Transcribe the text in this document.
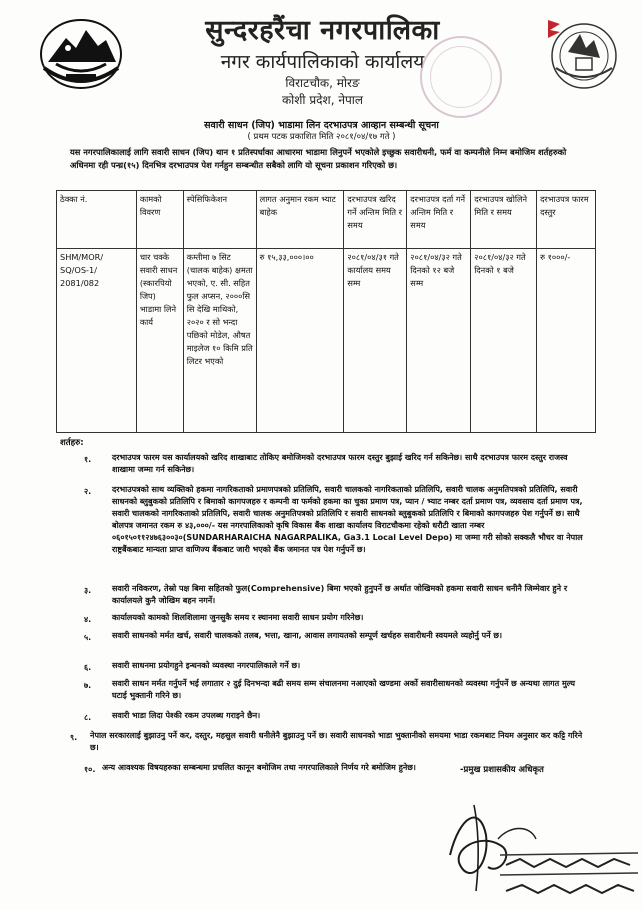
सुन्दरहरैंचा नगरपालिका
नगर कार्यपालिकाको कार्यालय
विराटचौक, मोरङ
कोशी प्रदेश, नेपाल
सवारी साधन (जिप) भाडामा लिन दरभाउपत्र आव्हान सम्बन्धी सूचना
( प्रथम पटक प्रकाशित मिति २०८१/०४/१७ गते )
यस नगरपालिकालाई लागि सवारी साधन (जिप) थान १ प्रतिस्पर्धाका आधारमा भाडामा लिनुपर्ने भएकोले इच्छुक सवारीधनी, फर्म वा कम्पनीले निम्न बमोजिम शर्तहरुको अधिनमा रही पन्ध्र(१५) दिनभित्र दरभाउपत्र पेश गर्नहुन सम्बन्धीत सबैको लागि यो सूचना प्रकाशन गरिएको छ।
ठेक्का नं.	कामको विवरण	स्पेसिफिकेशन	लागत अनुमान रकम भ्याट बाहेक	दरभाउपत्र खरिद गर्ने अन्तिम मिति र समय	दरभाउपत्र दर्ता गर्ने अन्तिम मिति र समय	दरभाउपत्र खोलिने मिति र समय	दरभाउपत्र फारम दस्तुर
SHM/MOR/ SQ/OS-1/ 2081/082	चार चक्के सवारी साधन (स्कारपियो जिप) भाडामा लिने कार्य	कम्तीमा ७ सिट (चालक बाहेक) क्षमता भएको, ए. सी. सहित फुल अप्सन, २०००सि सि देखि माथिको, २०२० र सो भन्दा पछिको मोडेल, औषत माइलेज १० किमि प्रति लिटर भएको	रु १५,३३,०००।००	२०८१/०४/३१ गते कार्यालय समय सम्म	२०८१/०४/३२ गते दिनको १२ बजे सम्म	२०८१/०४/३२ गते दिनको १ बजे	रु १०००/-
शर्तहरु:
१.	दरभाउपत्र फारम यस कार्यालयको खरिद शाखाबाट तोकिए बमोजिमको दरभाउपत्र फारम दस्तुर बुझाई खरिद गर्न सकिनेछ। साथै दरभाउपत्र फारम दस्तुर राजस्व शाखामा जम्मा गर्न सकिनेछ।
२.	दरभाउपत्रको साथ व्यक्तिको हकमा नागरिकताको प्रमाणपत्रको प्रतिलिपि, सवारी चालकको नागरिकताको प्रतिलिपि, सवारी चालक अनुमतिपत्रको प्रतिलिपि, सवारी साधनको ब्लुबुकको प्रतिलिपि र बिमाको कागपजहरु र कम्पनी वा फर्मको हकमा का चुका प्रमाण पत्र, प्यान / भ्याट नम्बर दर्ता प्रमाण पत्र, व्यवसाय दर्ता प्रमाण पत्र, सवारी चालकको नागरिकताको प्रतिलिपि, सवारी चालक अनुमतिपत्रको प्रतिलिपि र सवारी साधनको ब्लुबुकको प्रतिलिपि र बिमाको कागपजहरु पेश गर्नुपर्ने छ। साथै बोलपत्र जमानत रकम रु ४३,०००/- यस नगरपालिकाको कृषि विकास बैंक शाखा कार्यालय विराटचौकमा रहेको धरौटी खाता नम्बर ०६०१५०११२४७६३००३०(SUNDARHARAICHA NAGARPALIKA, Ga3.1 Local Level Depo) मा जम्मा गरी सोको सक्कलै भौचर वा नेपाल राष्ट्रबैंकबाट मान्यता प्राप्त वाणिज्य बैंकबाट जारी भएको बैंक जमानत पत्र पेश गर्नुपर्ने छ।
३.	सवारी नविकरण, तेस्रो पक्ष बिमा सहितको फुल(Comprehensive) बिमा भएको हुनुपर्ने छ अर्थात जोखिमको हकमा सवारी साधन धनीनै जिम्मेवार हुने र कार्यालयले कुनै जोखिम बहन नगर्ने।
४.	कार्यालयको कामको शिलशिलामा जुनसुकै समय र स्थानमा सवारी साधन प्रयोग गरिनेछ।
५.	सवारी साधनको मर्मत खर्च, सवारी चालकको तलब, भत्ता, खाना, आवास लगायतको सम्पूर्ण खर्चहरु सवारीधनी स्वयमले व्यहोर्नु पर्ने छ।
६.	सवारी साधनमा प्रयोगहुने इन्धनको व्यवस्था नगरपालिकाले गर्ने छ।
७.	सवारी साधन मर्मत गर्नुपर्ने भई लगातार २ दुई दिनभन्दा बढी समय सम्म संचालनमा नआएको खण्डमा अर्को सवारीसाधनको व्यवस्था गर्नुपर्ने छ अन्यथा लागत मुल्य घटाई भुक्तानी गरिने छ।
८.	सवारी भाडा लिदा पेश्की रकम उपलब्ध गराइने छैन।
९. नेपाल सरकारलाई बुझाउनु पर्ने कर, दस्तुर, महसुल सवारी धनीलेनै बुझाउनु पर्ने छ। सवारी साधनको भाडा भुक्तानीको समयमा भाडा रकमबाट नियम अनुसार कर कट्टि गरिने छ।
१०. अन्य आवश्यक विषयहरुका सम्बन्धमा प्रचलित कानून बमोजिम तथा नगरपालिकाले निर्णय गरे बमोजिम हुनेछ।	-प्रमुख प्रशासकीय अधिकृत
